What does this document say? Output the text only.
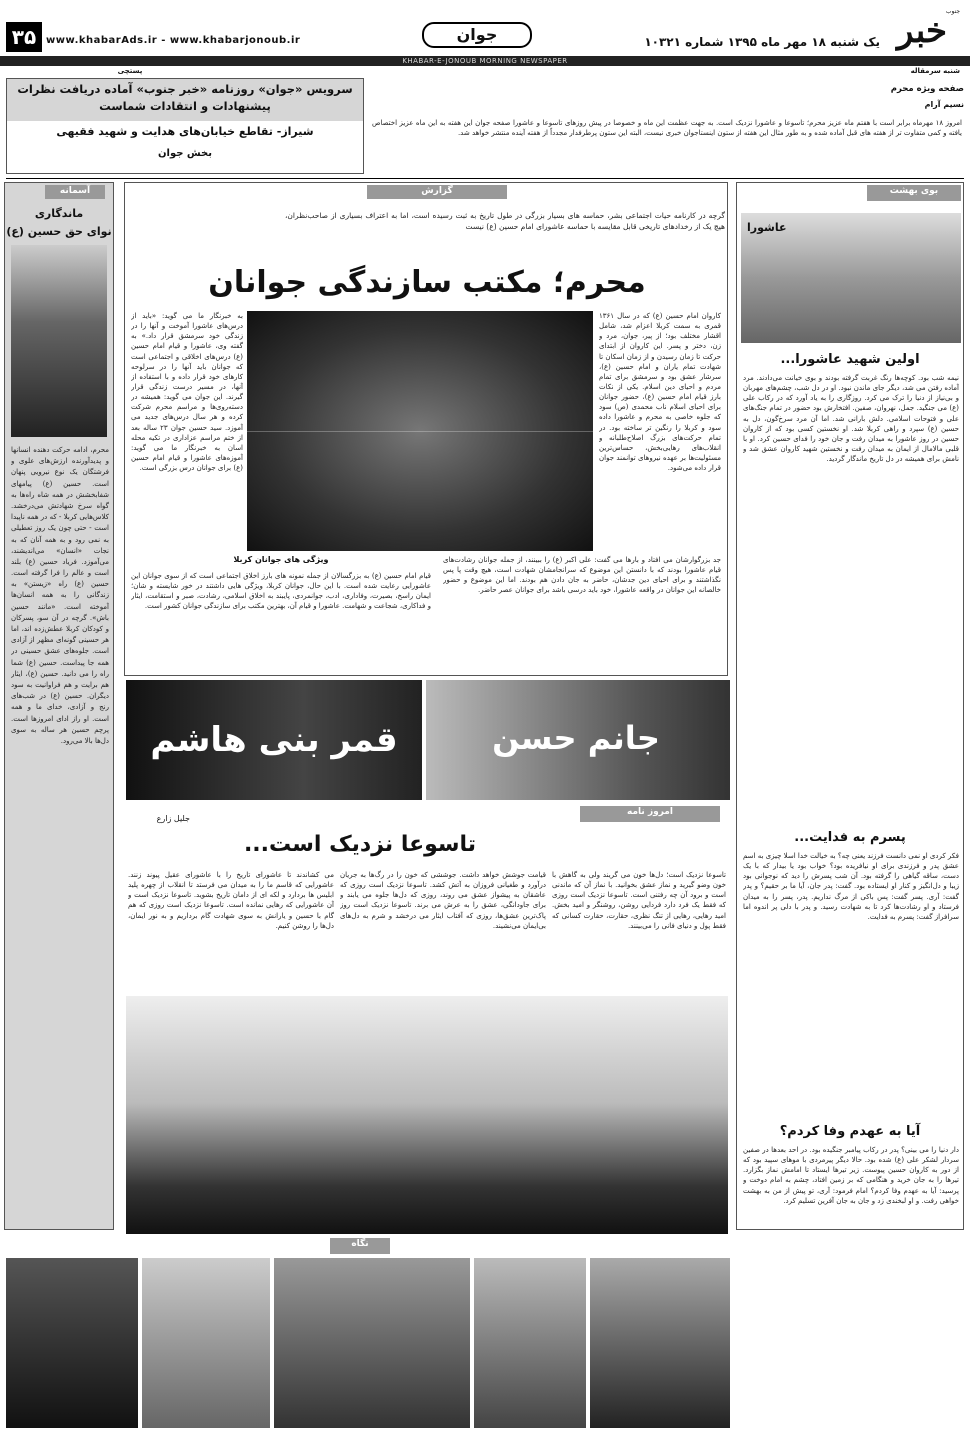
خبر
جنوب
یک شنبه ۱۸ مهر ماه ۱۳۹۵ شماره ۱۰۳۲۱
جوان
www.khabarAds.ir - www.khabarjonoub.ir
۳۵
KHABAR-E-JONOUB MORNING NEWSPAPER
شنبه سرمقاله
پستچی
سرویس «جوان» روزنامه «خبر جنوب» آماده دریافت نظرات پیشنهادات و انتقادات شماست
شیراز- تقاطع خیابان‌های هدایت و شهید فقیهی
بخش جوان
صفحه ویژه محرم
نسیم آرام
امروز ۱۸ مهرماه برابر است با هفتم ماه عزیز محرم؛ تاسوعا و عاشورا نزدیک است. به جهت عظمت این ماه و خصوصا در پیش روزهای تاسوعا و عاشورا صفحه جوان این هفته به این ماه عزیز اختصاص یافته و کمی متفاوت تر از هفته های قبل آماده شده و به طور مثال این هفته از ستون اینستاجوان خبری نیست، البته این ستون پرطرفدار مجدداً از هفته آینده منتشر خواهد شد.
آسمانه
ماندگاری
نوای حق حسین (ع)
محرم، ادامه حرکت دهنده انسانها و پدیدآورنده ارزش‌های علوی و فرشتگان یک نوع نیرویی پنهان است. حسین (ع) پیامهای شفابخشش در همه شاه راه‌ها به گواه سرخ شهادتش می‌درخشد. کلاس‌هایی کربلا - که در همه ناپیدا است - حتی چون یک روز تعطیلی به نمی رود و به همه آنان که به نجات «انسان» می‌اندیشند، می‌آموزد. فریاد حسین (ع) بلند است و عالم را فرا گرفته است. حسین (ع) راه «زیستن» به زندگانی را به همه انسان‌ها آموخته است. «مانند حسین باش». گرچه در آن سو، پسرکان و کودکان کربلا عطش‌زده اند، اما هر حسینی گونه‌ای مظهر از آزادی است. جلوه‌های عشق حسینی در همه جا پیداست. حسین (ع) شما راه را می دانید. حسین (ع)، ایثار هم برایت و هم فراوانیت به سود دیگران. حسین (ع) در شب‌های رنج و آزادی، خدای ما و همه است. او راز ادای امروزها است. پرچم حسین هر ساله به سوی دل‌ها بالا می‌رود.
گزارش
گرچه در کارنامه حیات اجتماعی بشر، حماسه های بسیار بزرگی در طول تاریخ به ثبت رسیده است، اما به اعتراف بسیاری از صاحب‌نظران، هیچ یک از رخدادهای تاریخی قابل مقایسه با حماسه عاشورای امام حسین (ع) نیست
محرم؛ مکتب سازندگی جوانان
کاروان امام حسین (ع) که در سال ۱۳۶۱ قمری به سمت کربلا اعزام شد، شامل اقشار مختلف بود؛ از پیر، جوان، مرد و زن، دختر و پسر. این کاروان از ابتدای حرکت تا زمان رسیدن و از زمان اسکان تا شهادت تمام یاران و امام حسین (ع)، سرشار عشق بود و سرمشق برای تمام مردم و احیای دین اسلام. یکی از نکات بارز قیام امام حسین (ع)، حضور جوانان برای احیای اسلام ناب محمدی (ص) سود که جلوه خاصی به محرم و عاشورا داده سود و کربلا را رنگین تر ساخته بود. در تمام حرکت‌های بزرگ اصلاح‌طلبانه و انقلاب‌های رهایی‌بخش، حساس‌ترین مسئولیت‌ها بر عهده نیروهای توانمند جوان قرار داده می‌شود.
به خبرنگار ما می گوید: «باید از درس‌های عاشورا آموخت و آنها را در زندگی خود سرمشق قرار داد.» به گفته وی، عاشورا و قیام امام حسین (ع) درس‌های اخلاقی و اجتماعی است که جوانان باید آنها را در سرلوحه کارهای خود قرار داده و با استفاده از آنها، در مسیر درست زندگی قرار گیرند. این جوان می گوید: همیشه در دسته‌روی‌ها و مراسم محرم شرکت کرده و هر سال درس‌های جدید می آموزد. سید حسین جوان ۲۳ ساله بعد از ختم مراسم عزاداری در تکیه محله اسان به خبرنگار ما می گوید: آموزه‌های عاشورا و قیام امام حسین (ع) برای جوانان درس بزرگی است.
جد بزرگوارشان می افتاد و بارها می گفت: علی اکبر (ع) را ببینند، از جمله جوانان رشادت‌های قیام عاشورا بودند که با دانستن این موضوع که سرانجامشان شهادت است، هیچ وقت پا پس نگذاشتند و برای احیای دین جدشان، حاضر به جان دادن هم بودند. اما این موضوع و حضور خالصانه این جوانان در واقعه عاشورا، خود باید درسی باشد برای جوانان عصر حاضر.
ویژگی های جوانان کربلا
قیام امام حسین (ع) به بزرگسالان از جمله نمونه های بارز اخلاق اجتماعی است که از سوی جوانان این عاشورایی رعایت شده است. با این حال، جوانان کربلا، ویژگی هایی داشتند در خور شایسته و شان؛ ایمان راسخ، بصیرت، وفاداری، ادب، جوانمردی، پایبند به اخلاق اسلامی، رشادت، صبر و استقامت، ایثار و فداکاری، شجاعت و شهامت. عاشورا و قیام آن، بهترین مکتب برای سازندگی جوانان کشور است.
قمر بنی هاشم	جانم حسن
امروز نامه
جلیل زارع
تاسوعا نزدیک است...
تاسوعا نزدیک است؛ دل‌ها خون می گریند ولی به گاهش با خون وضو گیرید و نماز عشق بخوانید. با نماز آن که ماندنی است و برود آن چه رفتنی است. تاسوعا نزدیک است روزی که فقط یک فرد دارد فردایی روشن، روشنگر و امید بخش. امید رهایی، رهایی از تنگ نظری، حقارت، حقارت کسانی که فقط پول و دنیای فانی را می‌بینند.
قیامت جوشش خواهد داشت. جوششی که خون را در رگ‌ها به جریان درآورد و طغیانی فروزان به آتش کشد. تاسوعا نزدیک است روزی که عاشقان به پیشواز عشق می روند، روزی که دل‌ها جلوه می یابند و برای جاودانگی، عشق را به عرش می برند. تاسوعا نزدیک است روز پاک‌ترین عشق‌ها، روزی که آفتاب ایثار می درخشد و شرم به دل‌های بی‌ایمان می‌نشیند.
می کشاندند تا عاشورای تاریخ را با عاشورای عقیل پیوند زنند. عاشورایی که قاسم ما را به میدان می فرستد تا انقلاب از چهره پلید ابلیس ها بردارد و لکه ای از دامان تاریخ بشوید. تاسوعا نزدیک است و آن عاشورایی که رهایی نمانده است. تاسوعا نزدیک است روزی که هم گام با حسین و یارانش به سوی شهادت گام برداریم و به نور ایمان، دل‌ها را روشن کنیم.
بوی بهشت
عاشورا
اولین شهید عاشورا...
نیمه شب بود. کوچه‌ها رنگ غربت گرفته بودند و بوی خیانت می‌دادند. مرد آماده رفتن می شد، دیگر جای ماندن نبود. او در دل شب، چشم‌های مهربان و بی‌نیاز از دنیا را ترک می کرد. روزگاری را به یاد آورد که در رکاب علی (ع) می جنگید. جمل، نهروان، صفین. افتخارش بود حضور در تمام جنگ‌های علی و فتوحات اسلامی. دلش بارانی شد. اما آن مرد سرخ‌گون، دل به حسین (ع) سپرد و راهی کربلا شد. او نخستین کسی بود که از کاروان حسین در روز عاشورا به میدان رفت و جان خود را فدای حسین کرد. او با قلبی مالامال از ایمان به میدان رفت و نخستین شهید کاروان عشق شد و نامش برای همیشه در دل تاریخ ماندگار گردید.
پسرم به فدایت...
فکر کردی او نمی دانست فرزند یعنی چه؟ به خیالت خدا اسلا چیزی به اسم عشق پدر و فرزندی برای او نیافریده بود؟ خواب بود یا بیدار که با یک دست، ساقه گیاهی را گرفته بود. آن شب پسرش را دید که نوجوانی بود زیبا و دل‌انگیز و کنار او ایستاده بود. گفت: پدر جان، آیا ما بر حقیم؟ و پدر گفت: آری. پسر گفت: پس باکی از مرگ نداریم. پدر، پسر را به میدان فرستاد و او رشادت‌ها کرد تا به شهادت رسید. و پدر با دلی پر اندوه اما سرافراز گفت: پسرم به فدایت.
آیا به عهدم وفا کردم؟
دار دنیا را می بینی؟ پدر در رکاب پیامبر جنگیده بود. در احد بعدها در صفین سردار لشکر علی (ع) شده بود. حالا دیگر پیرمردی با موهای سپید بود که از دور به کاروان حسین پیوست. زیر تیرها ایستاد تا امامش نماز بگزارد. تیرها را به جان خرید و هنگامی که بر زمین افتاد، چشم به امام دوخت و پرسید: آیا به عهدم وفا کردم؟ امام فرمود: آری، تو پیش از من به بهشت خواهی رفت. و او لبخندی زد و جان به جان آفرین تسلیم کرد.
نگاه
